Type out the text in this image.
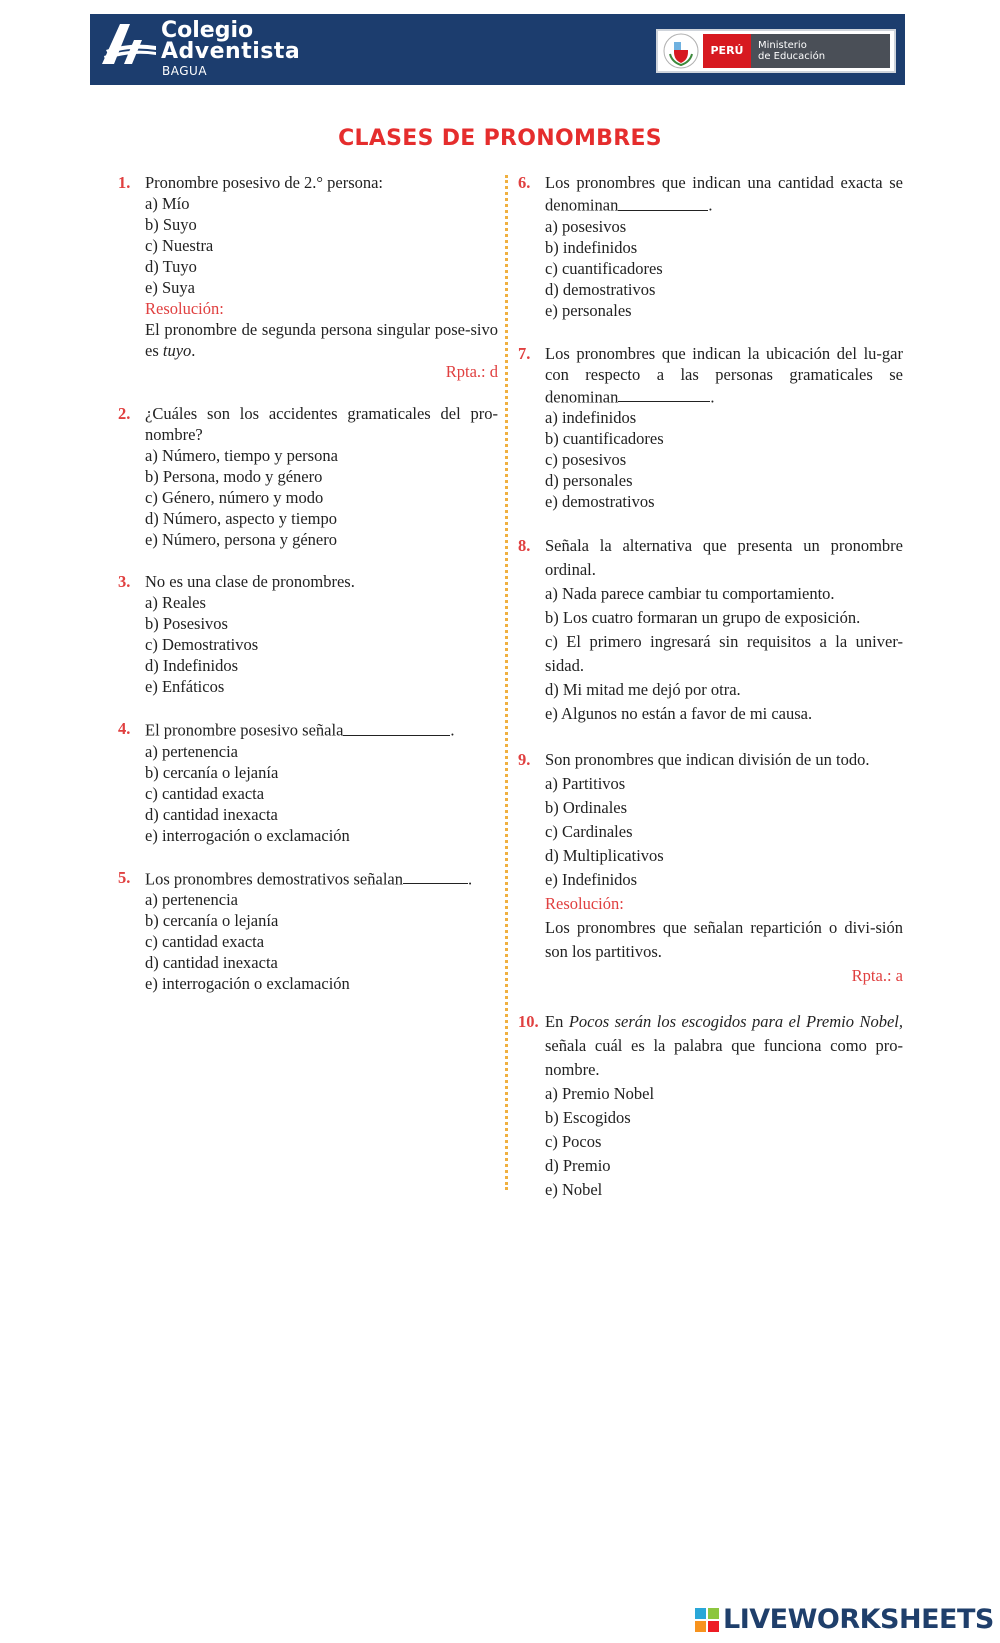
Colegio
Adventista
BAGUA
PERÚ	Ministerio
de Educación
CLASES DE PRONOMBRES
1. Pronombre posesivo de 2.° persona:
a) Mío
b) Suyo
c) Nuestra
d) Tuyo
e) Suya
Resolución:
El pronombre de segunda persona singular pose-sivo es tuyo.
Rpta.: d
2. ¿Cuáles son los accidentes gramaticales del pro-nombre?
a) Número, tiempo y persona
b) Persona, modo y género
c) Género, número y modo
d) Número, aspecto y tiempo
e) Número, persona y género
3. No es una clase de pronombres.
a) Reales
b) Posesivos
c) Demostrativos
d) Indefinidos
e) Enfáticos
4. El pronombre posesivo señala	.
a) pertenencia
b) cercanía o lejanía
c) cantidad exacta
d) cantidad inexacta
e) interrogación o exclamación
5. Los pronombres demostrativos señalan	.
a) pertenencia
b) cercanía o lejanía
c) cantidad exacta
d) cantidad inexacta
e) interrogación o exclamación
6. Los pronombres que indican una cantidad exacta se denominan	.
a) posesivos
b) indefinidos
c) cuantificadores
d) demostrativos
e) personales
7. Los pronombres que indican la ubicación del lu-gar con respecto a las personas gramaticales se denominan	.
a) indefinidos
b) cuantificadores
c) posesivos
d) personales
e) demostrativos
8. Señala la alternativa que presenta un pronombre ordinal.
a) Nada parece cambiar tu comportamiento.
b) Los cuatro formaran un grupo de exposición.
c) El primero ingresará sin requisitos a la univer-sidad.
d) Mi mitad me dejó por otra.
e) Algunos no están a favor de mi causa.
9. Son pronombres que indican división de un todo.
a) Partitivos
b) Ordinales
c) Cardinales
d) Multiplicativos
e) Indefinidos
Resolución:
Los pronombres que señalan repartición o divi-sión son los partitivos.
Rpta.: a
10. En Pocos serán los escogidos para el Premio Nobel, señala cuál es la palabra que funciona como pro-nombre.
a) Premio Nobel
b) Escogidos
c) Pocos
d) Premio
e) Nobel
LIVEWORKSHEETS
